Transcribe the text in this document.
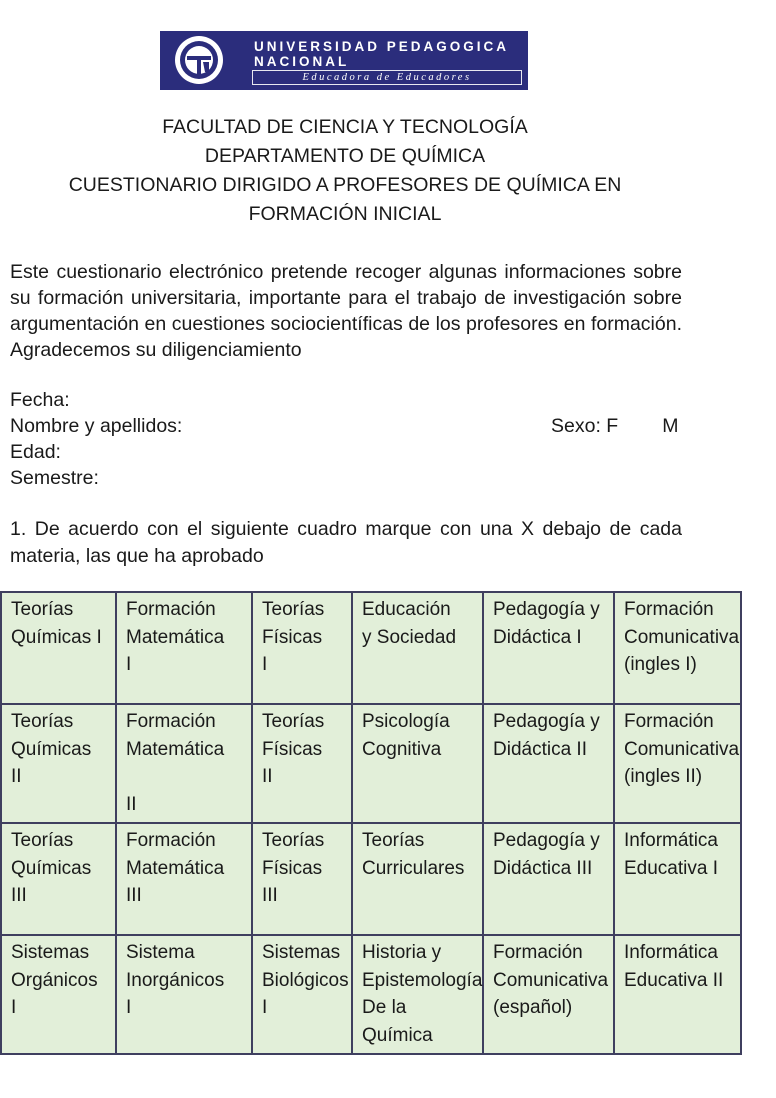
UNIVERSIDAD PEDAGOGICA
NACIONAL
Educadora de Educadores
FACULTAD DE CIENCIA Y TECNOLOGÍA
DEPARTAMENTO DE QUÍMICA
CUESTIONARIO DIRIGIDO A PROFESORES DE QUÍMICA EN
FORMACIÓN INICIAL
Este cuestionario electrónico pretende recoger algunas informaciones sobre
su formación universitaria, importante para el trabajo de investigación sobre
argumentación en cuestiones sociocientíficas de los profesores en formación.
Agradecemos su diligenciamiento
Fecha:
Nombre y apellidos:	Sexo: F M
Edad:
Semestre:
1. De acuerdo con el siguiente cuadro marque con una X debajo de cada
materia, las que ha aprobado
Teorías
Químicas I	Formación
Matemática
I	Teorías
Físicas
I	Educación
y Sociedad	Pedagogía y
Didáctica I	Formación
Comunicativa
(ingles I)
Teorías
Químicas II	Formación
Matemática

II	Teorías
Físicas
II	Psicología
Cognitiva	Pedagogía y
Didáctica II	Formación
Comunicativa
(ingles II)
Teorías
Químicas III	Formación
Matemática
III	Teorías
Físicas
III	Teorías
Curriculares	Pedagogía y
Didáctica III	Informática
Educativa I
Sistemas
Orgánicos I	Sistema
Inorgánicos
I	Sistemas
Biológicos
I	Historia y
Epistemología
De la Química	Formación
Comunicativa
(español)	Informática
Educativa II
